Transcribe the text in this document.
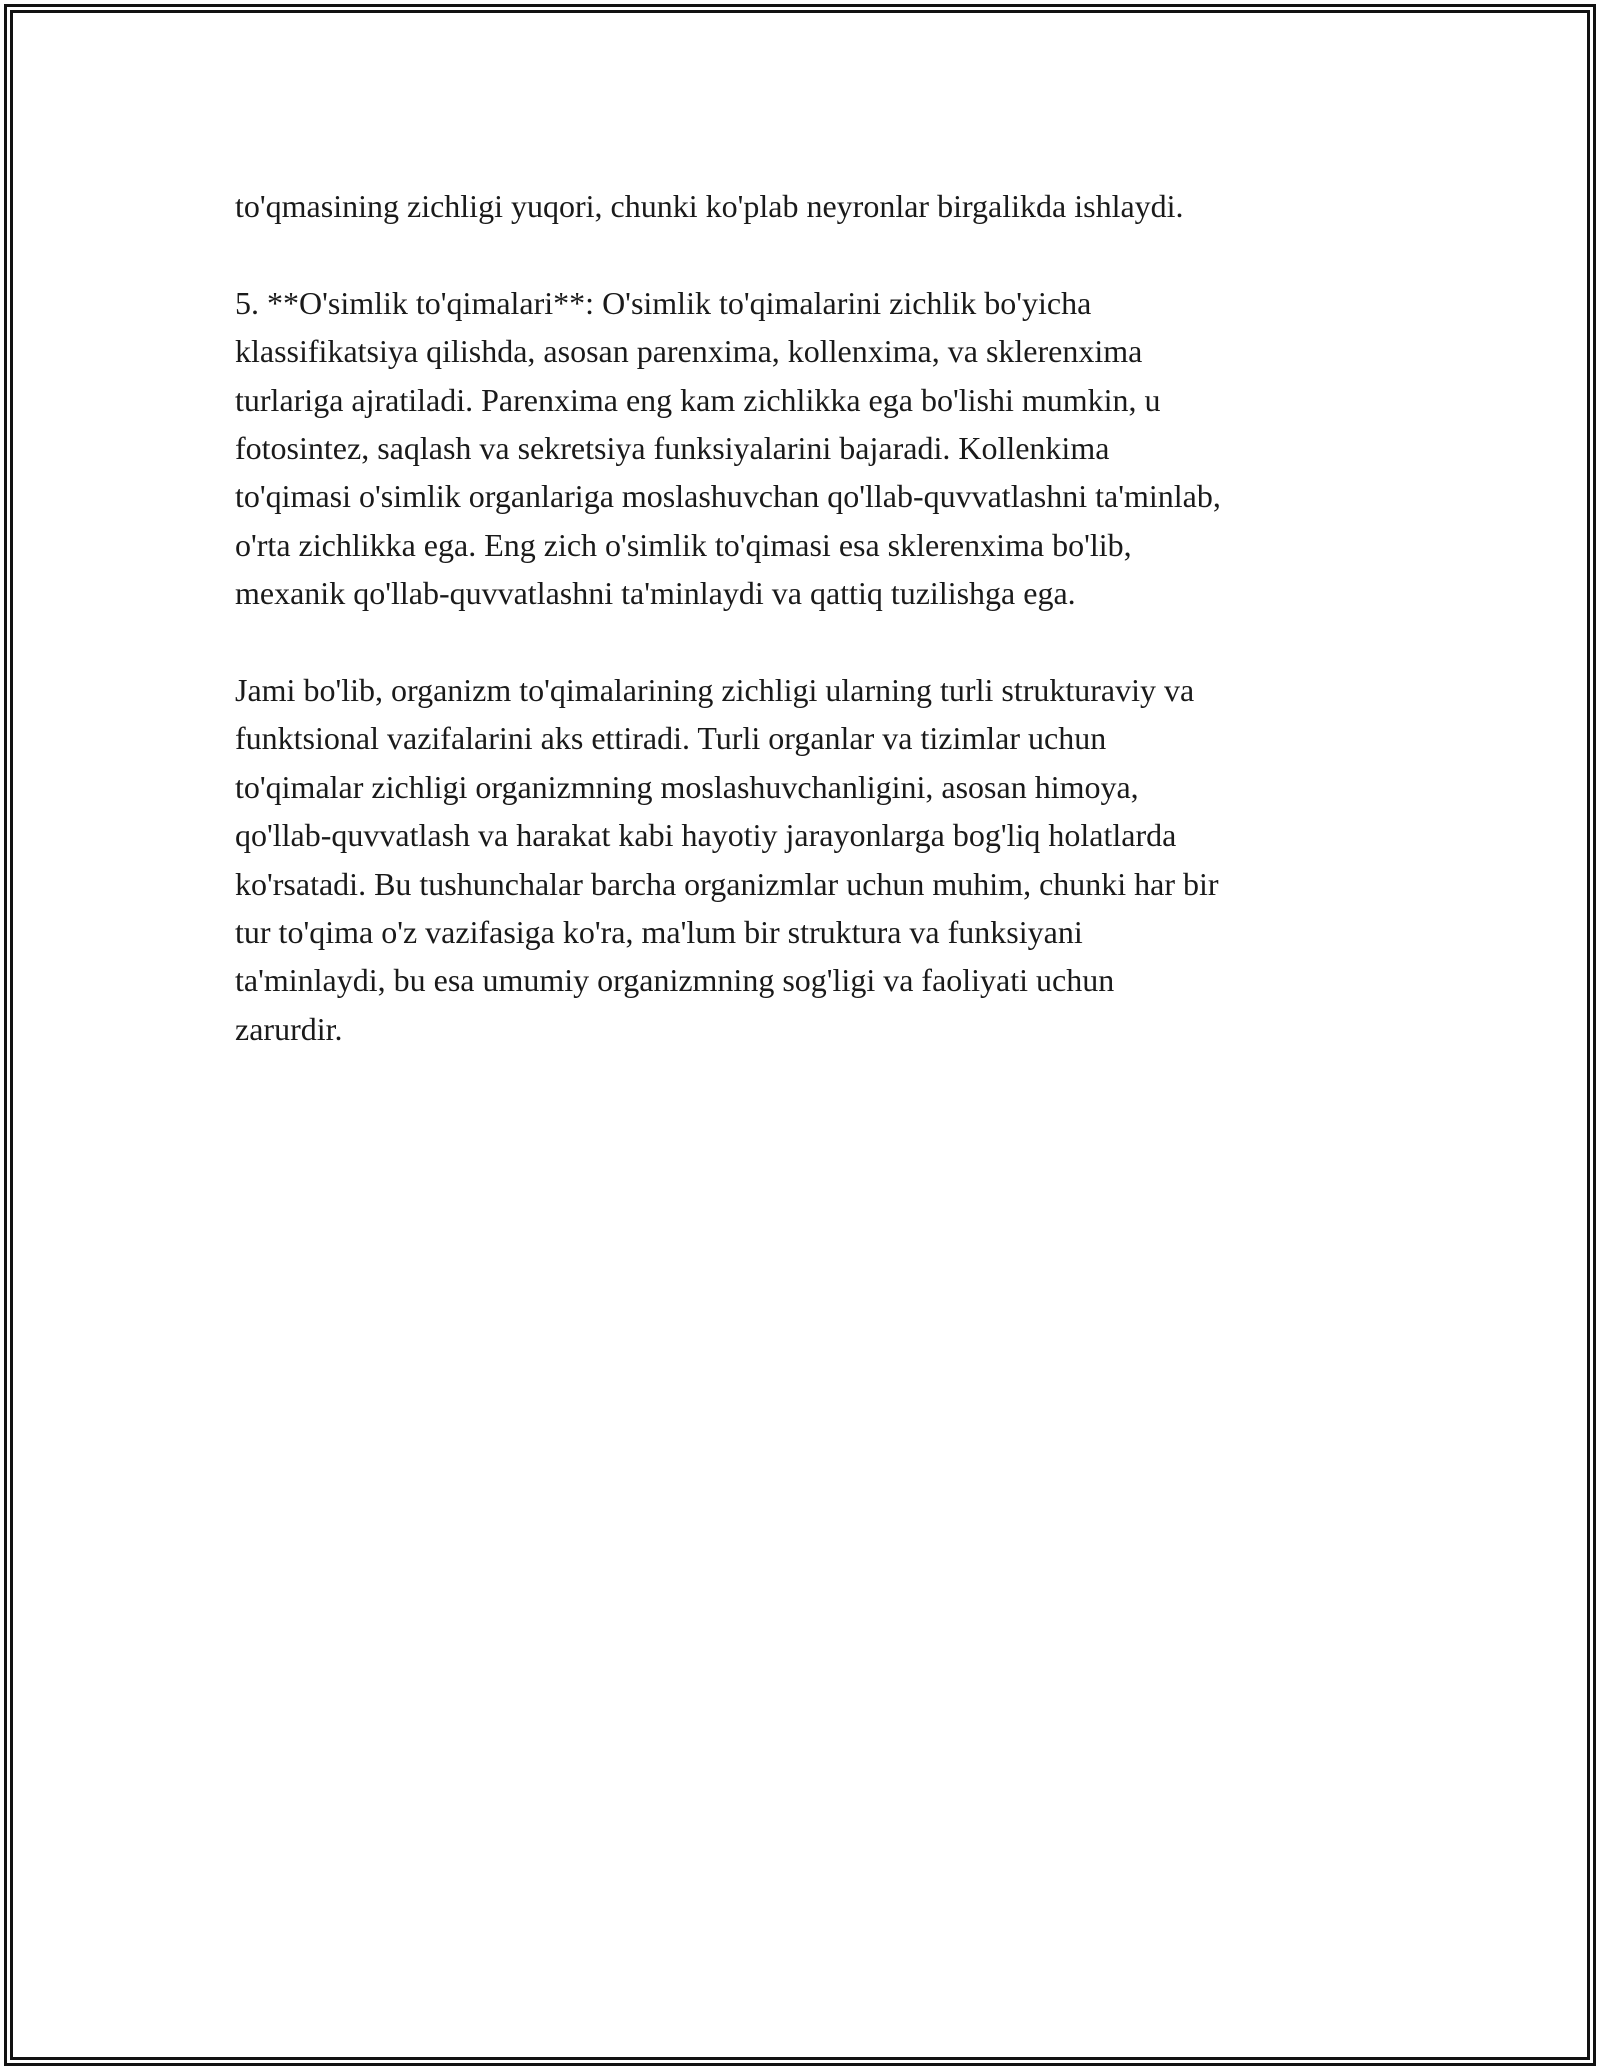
to'qmasining zichligi yuqori, chunki ko'plab neyronlar birgalikda ishlaydi.

5. **O'simlik to'qimalari**: O'simlik to'qimalarini zichlik bo'yicha
klassifikatsiya qilishda, asosan parenxima, kollenxima, va sklerenxima
turlariga ajratiladi. Parenxima eng kam zichlikka ega bo'lishi mumkin, u
fotosintez, saqlash va sekretsiya funksiyalarini bajaradi. Kollenkima
to'qimasi o'simlik organlariga moslashuvchan qo'llab-quvvatlashni ta'minlab,
o'rta zichlikka ega. Eng zich o'simlik to'qimasi esa sklerenxima bo'lib,
mexanik qo'llab-quvvatlashni ta'minlaydi va qattiq tuzilishga ega.

Jami bo'lib, organizm to'qimalarining zichligi ularning turli strukturaviy va
funktsional vazifalarini aks ettiradi. Turli organlar va tizimlar uchun
to'qimalar zichligi organizmning moslashuvchanligini, asosan himoya,
qo'llab-quvvatlash va harakat kabi hayotiy jarayonlarga bog'liq holatlarda
ko'rsatadi. Bu tushunchalar barcha organizmlar uchun muhim, chunki har bir
tur to'qima o'z vazifasiga ko'ra, ma'lum bir struktura va funksiyani
ta'minlaydi, bu esa umumiy organizmning sog'ligi va faoliyati uchun
zarurdir.
